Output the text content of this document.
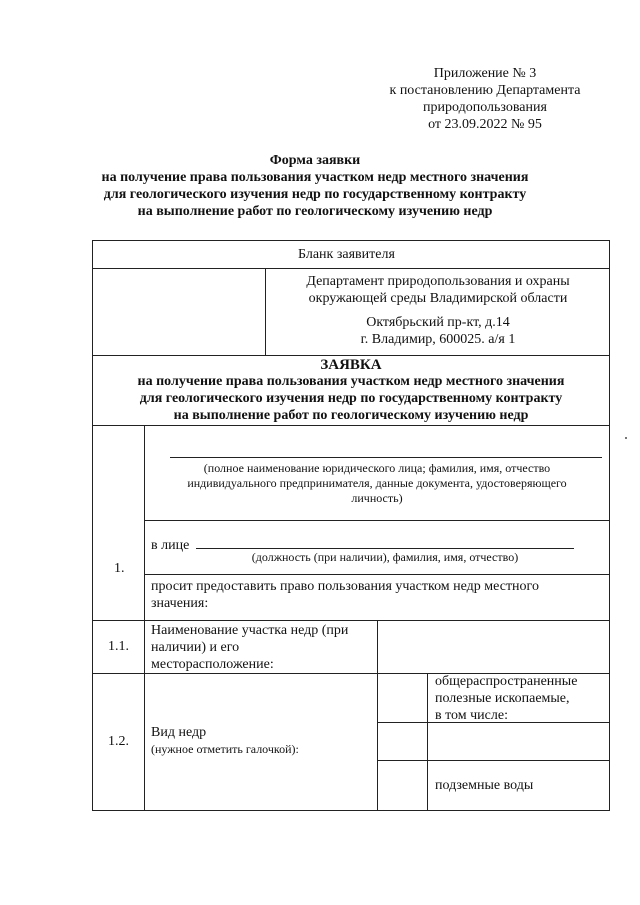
Приложение № 3
к постановлению Департамента
природопользования
от 23.09.2022 № 95
Форма заявки
на получение права пользования участком недр местного значения
для геологического изучения недр по государственному контракту
на выполнение работ по геологическому изучению недр
Бланк заявителя
Департамент природопользования и охраны
окружающей среды Владимирской области
Октябрьский пр-кт, д.14
г. Владимир, 600025. а/я 1
ЗАЯВКА
на получение права пользования участком недр местного значения
для геологического изучения недр по государственному контракту
на выполнение работ по геологическому изучению недр
1.
(полное наименование юридического лица; фамилия, имя, отчество
индивидуального предпринимателя, данные документа, удостоверяющего
личность)
в лице
(должность (при наличии), фамилия, имя, отчество)
просит предоставить право пользования участком недр местного
значения:
1.1.
Наименование участка недр (при
наличии) и его
месторасположение:
1.2.
Вид недр
(нужное отметить галочкой):
общераспространенные
полезные ископаемые,
в том числе:
подземные воды
